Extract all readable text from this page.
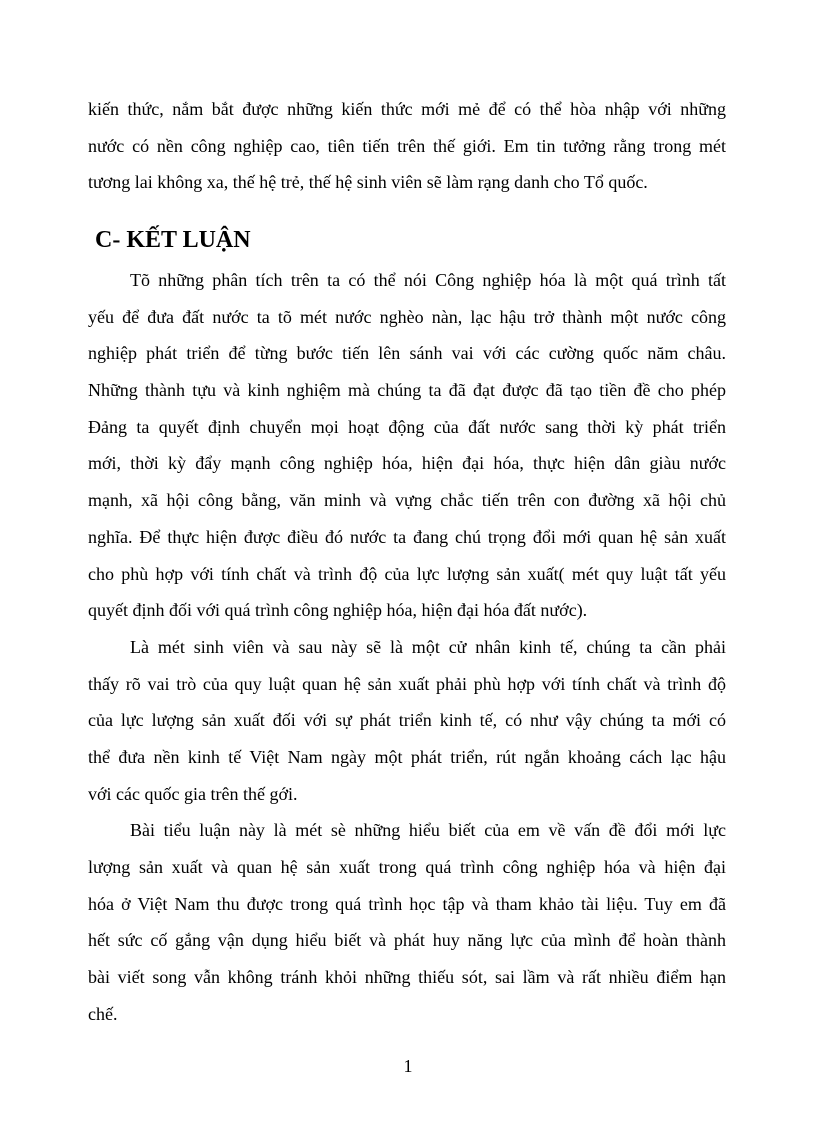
kiến thức, nắm bắt được những kiến thức mới mẻ để có thể hòa nhập với những
nước có nền công nghiệp cao, tiên tiến trên thế giới. Em tin tưởng rằng trong mét
tương lai không xa, thế hệ trẻ, thế hệ sinh viên sẽ làm rạng danh cho Tổ quốc.
C- KẾT LUẬN
Tõ những phân tích trên ta có thể nói Công nghiệp hóa là một quá trình tất
yếu để đưa đất nước ta tõ mét nước nghèo nàn, lạc hậu trở thành một nước công
nghiệp phát triển để từng bước tiến lên sánh vai với các cường quốc năm châu.
Những thành tựu và kinh nghiệm mà chúng ta đã đạt được đã tạo tiền đề cho phép
Đảng ta quyết định chuyển mọi hoạt động của đất nước sang thời kỳ phát triển
mới, thời kỳ đẩy mạnh công nghiệp hóa, hiện đại hóa, thực hiện dân giàu nước
mạnh, xã hội công bằng, văn minh và vựng chắc tiến trên con đường xã hội chủ
nghĩa. Để thực hiện được điều đó nước ta đang chú trọng đổi mới quan hệ sản xuất
cho phù hợp với tính chất và trình độ của lực lượng sản xuất( mét quy luật tất yếu
quyết định đối với quá trình công nghiệp hóa, hiện đại hóa đất nước).
Là mét sinh viên và sau này sẽ là một cử nhân kinh tế, chúng ta cần phải
thấy rõ vai trò của quy luật quan hệ sản xuất phải phù hợp với tính chất và trình độ
của lực lượng sản xuất đối với sự phát triển kinh tế, có như vậy chúng ta mới có
thể đưa nền kinh tế Việt Nam ngày một phát triển, rút ngắn khoảng cách lạc hậu
với các quốc gia trên thế gới.
Bài tiểu luận này là mét sè những hiểu biết của em về vấn đề đổi mới lực
lượng sản xuất và quan hệ sản xuất trong quá trình công nghiệp hóa và hiện đại
hóa ở Việt Nam thu được trong quá trình học tập và tham khảo tài liệu. Tuy em đã
hết sức cố gắng vận dụng hiểu biết và phát huy năng lực của mình để hoàn thành
bài viết song vẫn không tránh khỏi những thiếu sót, sai lầm và rất nhiều điểm hạn
chế.
1
